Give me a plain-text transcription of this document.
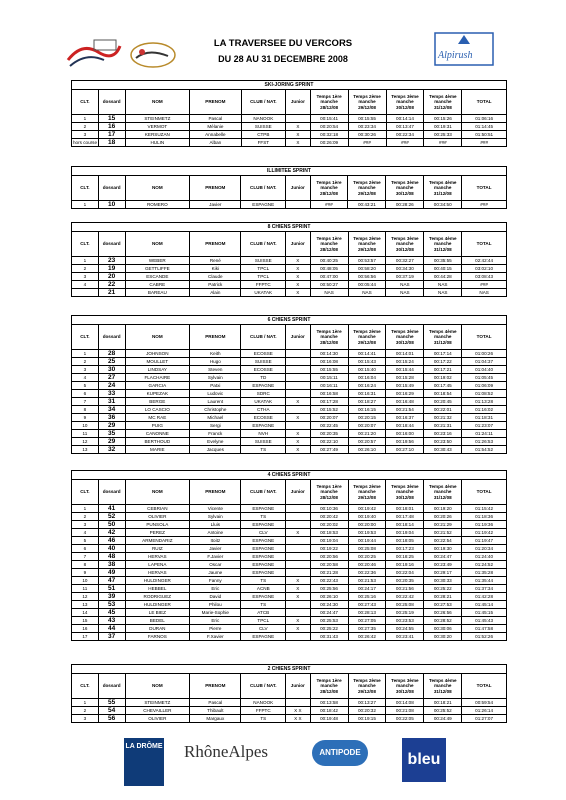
LA TRAVERSEE DU VERCORS
DU 28 AU 31 DECEMBRE 2008	Alpirush
SKI-JORING SPRINT										
CLT.	dossard	NOM	PRENOM	CLUB / NAT.	Junior	Temps 1ère manche 28/12/08	Temps 2ème manche 29/12/08	Temps 3ème manche 30/12/08	Temps 4ème manche 31/12/08	TOTAL
1	15	STEINMETZ	Pascal	NANOOK		00:15:41	00:15:55	00:14:14	00:15:26	01:06:16
2	16	VERMOT	Mélanie	SUISSE	X	00:20:54	00:23:34	00:13:47	00:19:31	01:14:45
3	17	KERSUZAN	Annabelle	CTPB	X	00:32:18	00:30:26	00:22:34	00:25:33	01:50:51
hors course	18	HULIN	Alban	FFST	X	00:26:09	###	###	###	###
ILLIMITEE SPRINT										
CLT.	dossard	NOM	PRENOM	CLUB / NAT.	Junior	Temps 1ère manche 28/12/08	Temps 2ème manche 29/12/08	Temps 3ème manche 30/12/08	Temps 4ème manche 31/12/08	TOTAL
1	10	ROMERO	Javier	ESPAGNE		###	00:43:21	00:28:26	00:34:50	###
8 CHIENS SPRINT										
CLT.	dossard	NOM	PRENOM	CLUB / NAT.	Junior	Temps 1ère manche 28/12/08	Temps 2ème manche 29/12/08	Temps 3ème manche 30/12/08	Temps 4ème manche 31/12/08	TOTAL
1	23	WEBER	René	SUISSE	X	00:40:25	00:53:57	00:32:27	00:35:55	02:42:44
2	19	GETTLIFFE	Kiki	TPCL	X	00:48:05	00:58:20	00:34:30	00:40:15	03:02:10
3	20	ESCANDE	Claude	TPCL	X	00:47:00	00:56:56	00:37:19	00:44:28	03:08:43
4	22	CABRE	Patrick	FFPTC	X	00:50:27	00:05:44	NAS	NAS	###
	21	BAREAU	Alain	UKATAK	X	NAS	NAS	NAS	NAS	NAS
6 CHIENS SPRINT										
CLT.	dossard	NOM	PRENOM	CLUB / NAT.	Junior	Temps 1ère manche 28/12/08	Temps 2ème manche 29/12/08	Temps 3ème manche 30/12/08	Temps 4ème manche 31/12/08	TOTAL
1	28	JOHNSON	Keith	ECOSSE		00:14:30	00:14:41	00:14:01	00:17:14	01:00:26
2	25	MOULLET	Hugo	SUISSE		00:16:08	00:15:43	00:15:24	00:17:22	01:04:37
3	30	LINDSAY	Steven	ECOSSE		00:15:55	00:15:40	00:15:44	00:17:21	01:04:40
4	27	FLACHAIRE	Sylvain	TD		00:15:11	00:16:04	00:15:28	00:19:02	01:05:45
5	24	GARCIA	Patxi	ESPAGNE		00:16:11	00:16:24	00:15:49	00:17:45	01:06:09
6	33	KUPEZAK	Ludovic	SDRC		00:16:58	00:16:31	00:16:29	00:18:54	01:08:52
7	31	BERGE	Laurent	UKATAK	X	00:17:28	00:18:27	00:16:48	00:20:45	01:13:28
8	34	LO CASCIO	Christophe	CTHA		00:15:52	00:16:15	00:21:54	00:22:01	01:16:02
9	36	MC RAE	Michael	ECOSSE	X	00:20:07	00:20:15	00:16:37	00:21:32	01:18:31
10	29	PUIG	Sergi	ESPAGNE		00:22:45	00:20:07	00:18:44	00:21:31	01:23:07
11	35	CANONNE	Franck	NVH	X	00:20:35	00:21:20	00:16:00	00:23:16	01:24:11
12	29	BERTHOUD	Evelyne	SUISSE	X	00:22:10	00:20:57	00:19:56	00:23:50	01:26:53
13	32	MARIE	Jacques	TS	X	00:27:49	00:26:10	00:27:10	00:30:43	01:54:52
4 CHIENS SPRINT										
CLT.	dossard	NOM	PRENOM	CLUB / NAT.	Junior	Temps 1ère manche 28/12/08	Temps 2ème manche 29/12/08	Temps 3ème manche 30/12/08	Temps 4ème manche 31/12/08	TOTAL
1	41	CEBRIAN	Vicente	ESPAGNE		00:10:36	00:19:42	00:18:01	00:19:20	01:15:42
2	52	OLIVIER	Sylvain	TS		00:20:42	00:19:40	00:17:48	00:20:26	01:18:36
3	50	PUNSOLA	Lluis	ESPAGNE		00:20:02	00:20:00	00:18:14	00:21:29	01:19:36
4	42	PEREZ	Antoine	CLV	X	00:18:53	00:19:53	00:19:04	00:21:52	01:19:42
5	46	ARMENDARIZ	Itoitz	ESPAGNE		00:19:04	00:19:44	00:18:05	00:22:54	01:19:47
6	40	RUIZ	Javier	ESPAGNE		00:19:22	00:25:08	00:17:23	00:19:30	01:20:34
7	48	HERVAS	F.Javier	ESPAGNE		00:20:56	00:20:25	00:18:25	00:24:47	01:24:40
8	38	LAPENA	Oscar	ESPAGNE		00:20:58	00:20:46	00:19:16	00:23:49	01:24:52
9	49	HERVAS	Jaume	ESPAGNE		00:21:28	00:22:36	00:22:04	00:29:17	01:35:28
10	47	HULDINGER	Fanny	TS	X	00:22:43	00:21:53	00:20:35	00:30:33	01:35:44
11	51	HEBBEL	Eric	ACNB	X	00:25:56	00:24:17	00:21:56	00:25:22	01:37:34
12	39	RODRIGUEZ	David	ESPAGNE	X	00:26:10	00:25:16	00:22:42	00:28:21	01:42:28
13	53	HULDINGER	Philou	TS		00:24:30	00:27:43	00:25:08	00:27:53	01:45:14
14	45	LE BIEZ	Marie-Sophie	ATCB		00:24:47	00:28:13	00:25:19	00:26:56	01:45:15
15	43	BEDEL	Eric	TPCL	X	00:25:53	00:27:05	00:23:53	00:28:52	01:45:43
16	44	DURAN	Pierre	CLV	X	00:25:22	00:27:35	00:24:55	00:30:06	01:47:58
17	37	FARNOS	F.Xavier	ESPAGNE		00:31:43	00:26:42	00:23:41	00:30:20	01:52:26
2 CHIENS SPRINT										
CLT.	dossard	NOM	PRENOM	CLUB / NAT.	Junior	Temps 1ère manche 28/12/08	Temps 2ème manche 29/12/08	Temps 3ème manche 30/12/08	Temps 4ème manche 31/12/08	TOTAL
1	55	STEINMETZ	Pascal	NANOOK		00:13:58	00:13:27	00:14:08	00:18:21	00:59:54
2	54	CHEVAILLER	Thibault	FFPTC	X X	00:18:42	00:20:32	00:21:08	00:25:52	01:26:14
3	56	OLIVIER	Margaux	TS	X X	00:19:48	00:19:15	00:22:05	00:24:49	01:27:07
LA DRÔME RhôneAlpes	ANTIPODE	bleu
